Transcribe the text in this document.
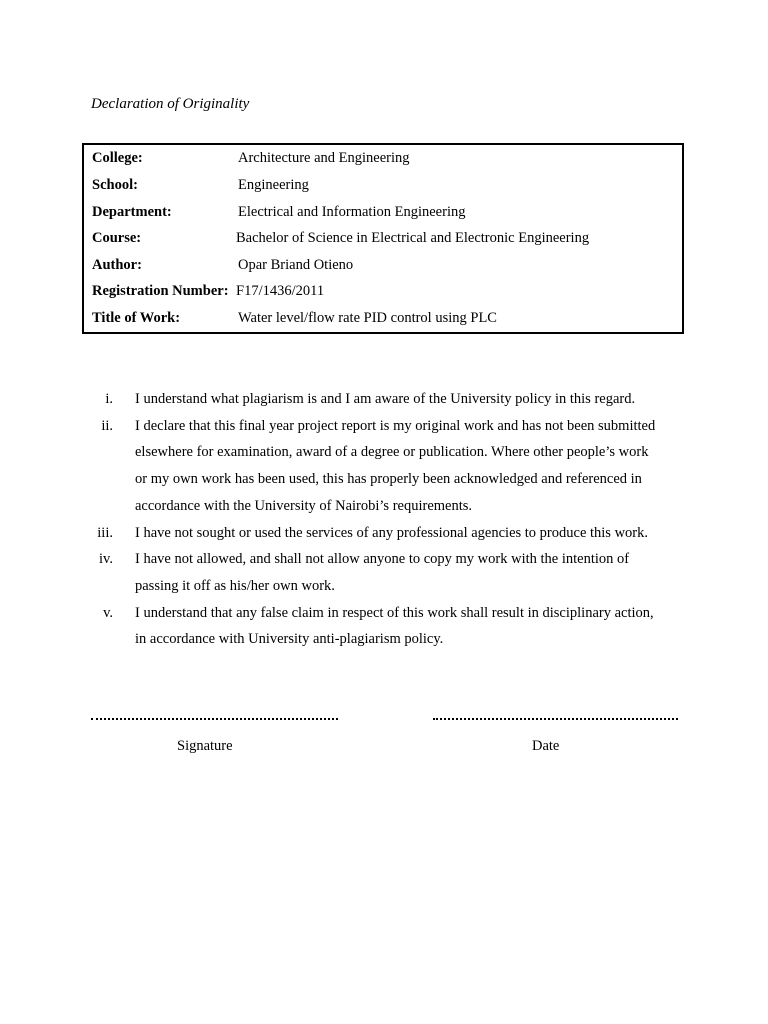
Declaration of Originality
College:	Architecture and Engineering
School:	Engineering
Department:	Electrical and Information Engineering
Course:	Bachelor of Science in Electrical and Electronic Engineering
Author:	Opar Briand Otieno
Registration Number: F17/1436/2011
Title of Work:	Water level/flow rate PID control using PLC
i. I understand what plagiarism is and I am aware of the University policy in this regard.
ii. I declare that this final year project report is my original work and has not been submitted
elsewhere for examination, award of a degree or publication. Where other people’s work
or my own work has been used, this has properly been acknowledged and referenced in
accordance with the University of Nairobi’s requirements.
iii. I have not sought or used the services of any professional agencies to produce this work.
iv. I have not allowed, and shall not allow anyone to copy my work with the intention of
passing it off as his/her own work.
v. I understand that any false claim in respect of this work shall result in disciplinary action,
in accordance with University anti-plagiarism policy.
Signature	Date
